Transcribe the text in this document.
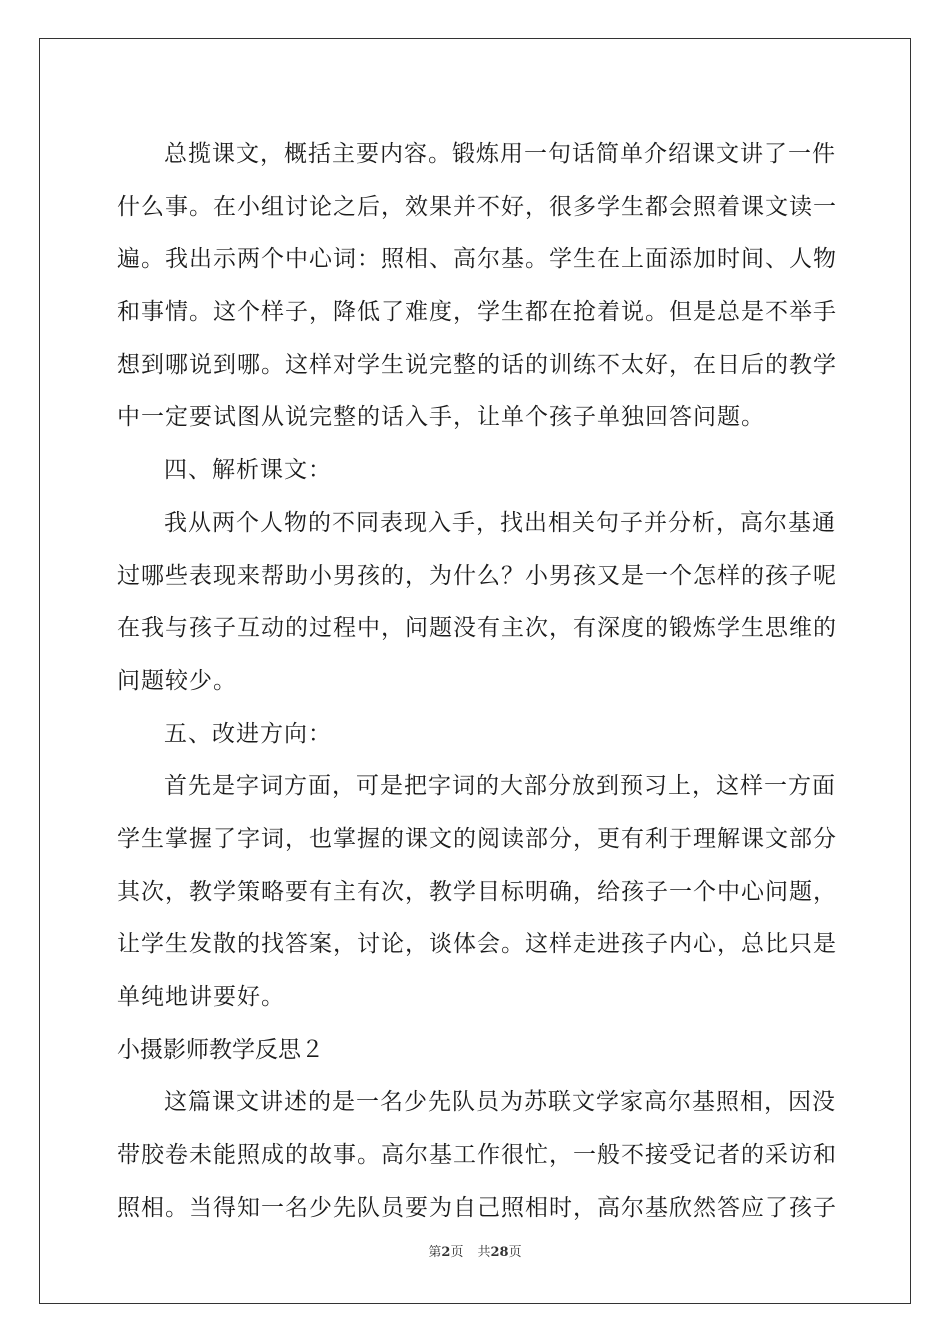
总揽课文，概括主要内容。锻炼用一句话简单介绍课文讲了一件
什么事。在小组讨论之后，效果并不好，很多学生都会照着课文读一
遍。我出示两个中心词：照相、高尔基。学生在上面添加时间、人物
和事情。这个样子，降低了难度，学生都在抢着说。但是总是不举手
想到哪说到哪。这样对学生说完整的话的训练不太好，在日后的教学
中一定要试图从说完整的话入手，让单个孩子单独回答问题。
四、解析课文：
我从两个人物的不同表现入手，找出相关句子并分析，高尔基通
过哪些表现来帮助小男孩的，为什么？小男孩又是一个怎样的孩子呢
在我与孩子互动的过程中，问题没有主次，有深度的锻炼学生思维的
问题较少。
五、改进方向：
首先是字词方面，可是把字词的大部分放到预习上，这样一方面
学生掌握了字词，也掌握的课文的阅读部分，更有利于理解课文部分
其次，教学策略要有主有次，教学目标明确，给孩子一个中心问题，
让学生发散的找答案，讨论，谈体会。这样走进孩子内心，总比只是
单纯地讲要好。
小摄影师教学反思２
这篇课文讲述的是一名少先队员为苏联文学家高尔基照相，因没
带胶卷未能照成的故事。高尔基工作很忙，一般不接受记者的采访和
照相。当得知一名少先队员要为自己照相时，高尔基欣然答应了孩子
第2页 共28页
